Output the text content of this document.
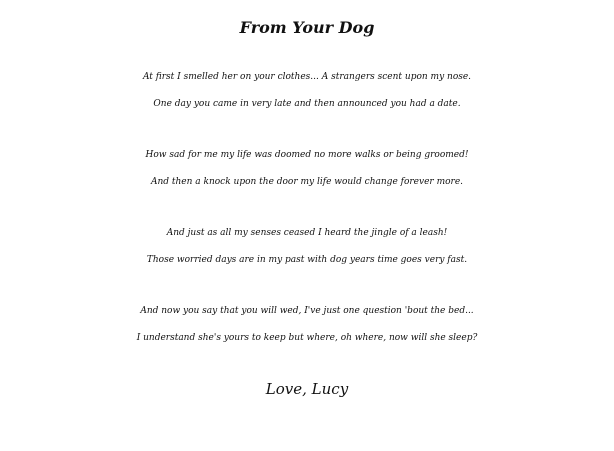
From Your Dog
At first I smelled her on your clothes... A strangers scent upon my nose.
One day you came in very late and then announced you had a date.
How sad for me my life was doomed no more walks or being groomed!
And then a knock upon the door my life would change forever more.
And just as all my senses ceased I heard the jingle of a leash!
Those worried days are in my past with dog years time goes very fast.
And now you say that you will wed, I've just one question 'bout the bed...
I understand she's yours to keep but where, oh where, now will she sleep?
Love, Lucy
